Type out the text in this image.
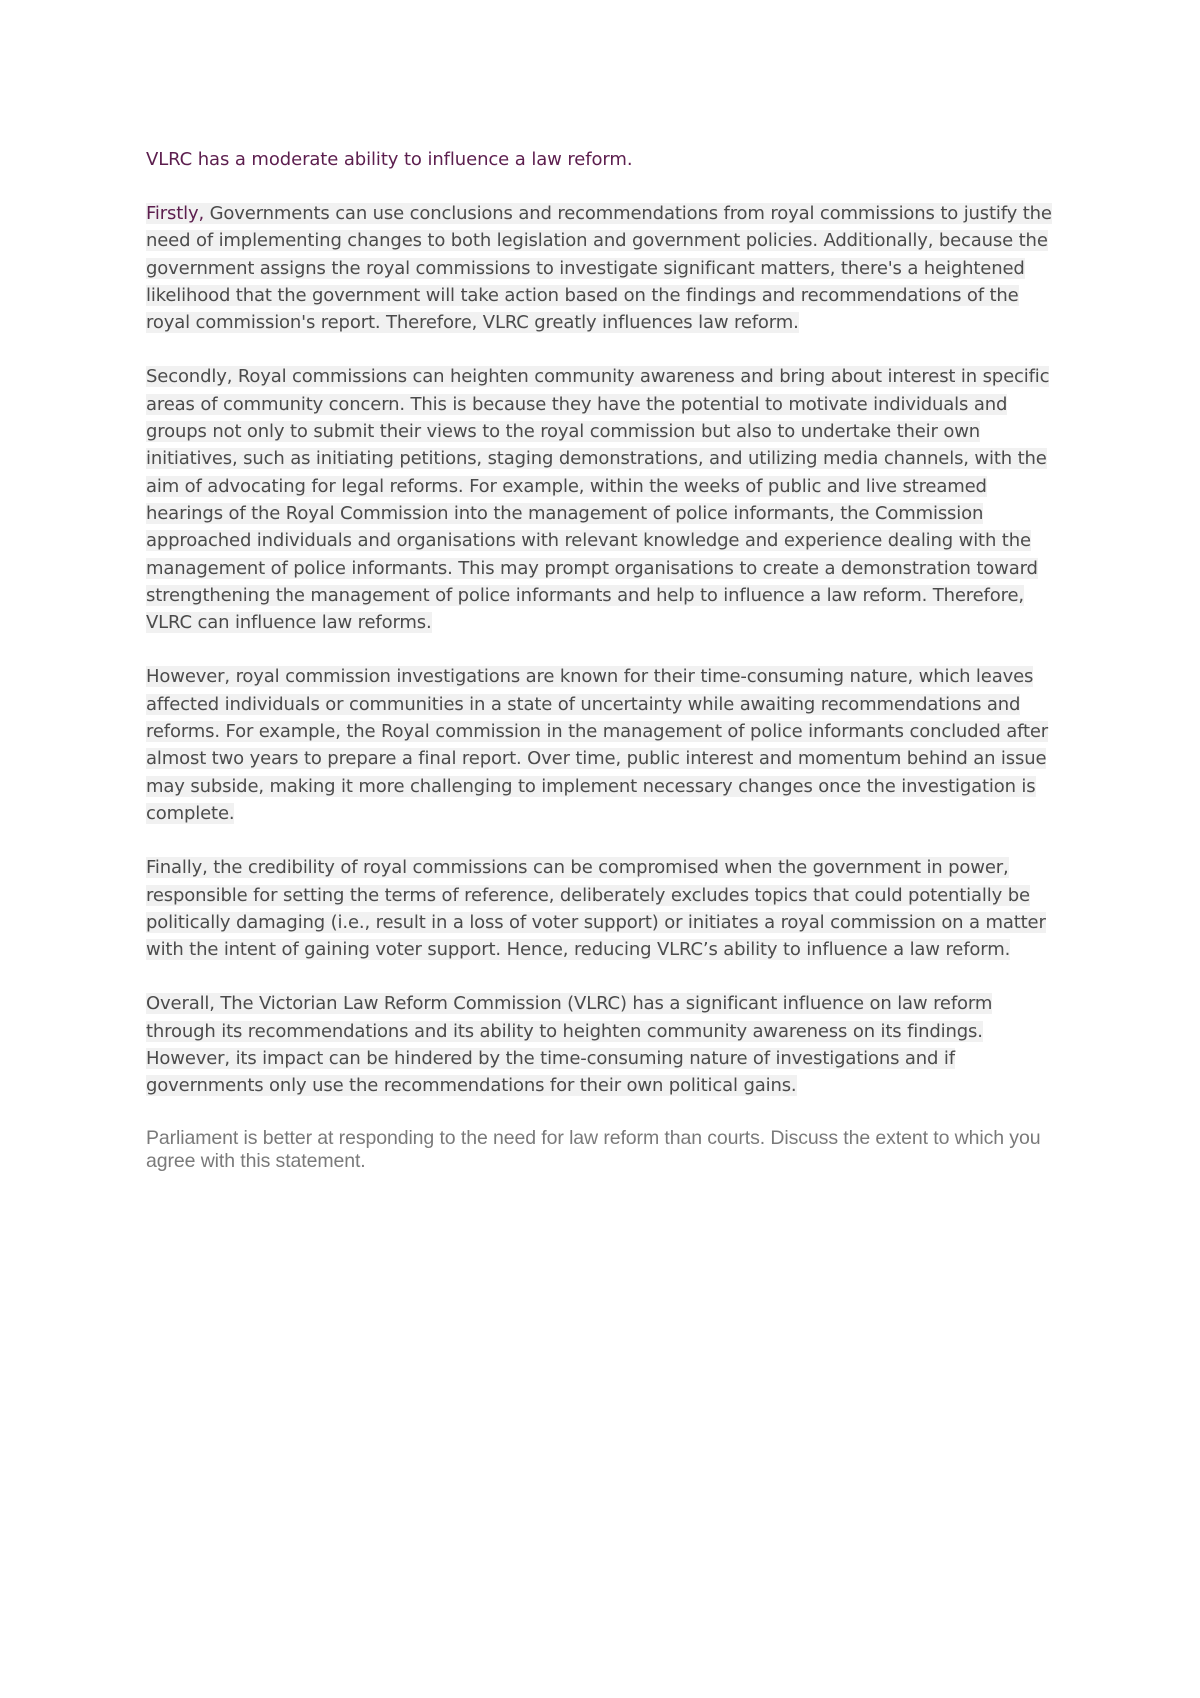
VLRC has a moderate ability to influence a law reform.

Firstly, Governments can use conclusions and recommendations from royal commissions to justify the need of implementing changes to both legislation and government policies. Additionally, because the government assigns the royal commissions to investigate significant matters, there's a heightened likelihood that the government will take action based on the findings and recommendations of the royal commission's report. Therefore, VLRC greatly influences law reform.

Secondly, Royal commissions can heighten community awareness and bring about interest in specific areas of community concern. This is because they have the potential to motivate individuals and groups not only to submit their views to the royal commission but also to undertake their own initiatives, such as initiating petitions, staging demonstrations, and utilizing media channels, with the aim of advocating for legal reforms. For example, within the weeks of public and live streamed hearings of the Royal Commission into the management of police informants, the Commission approached individuals and organisations with relevant knowledge and experience dealing with the management of police informants. This may prompt organisations to create a demonstration toward strengthening the management of police informants and help to influence a law reform. Therefore, VLRC can influence law reforms.

However, royal commission investigations are known for their time-consuming nature, which leaves affected individuals or communities in a state of uncertainty while awaiting recommendations and reforms. For example, the Royal commission in the management of police informants concluded after almost two years to prepare a final report. Over time, public interest and momentum behind an issue may subside, making it more challenging to implement necessary changes once the investigation is complete.

Finally, the credibility of royal commissions can be compromised when the government in power, responsible for setting the terms of reference, deliberately excludes topics that could potentially be politically damaging (i.e., result in a loss of voter support) or initiates a royal commission on a matter with the intent of gaining voter support. Hence, reducing VLRC’s ability to influence a law reform.

Overall, The Victorian Law Reform Commission (VLRC) has a significant influence on law reform through its recommendations and its ability to heighten community awareness on its findings. However, its impact can be hindered by the time-consuming nature of investigations and if governments only use the recommendations for their own political gains.

Parliament is better at responding to the need for law reform than courts. Discuss the extent to which you agree with this statement.
